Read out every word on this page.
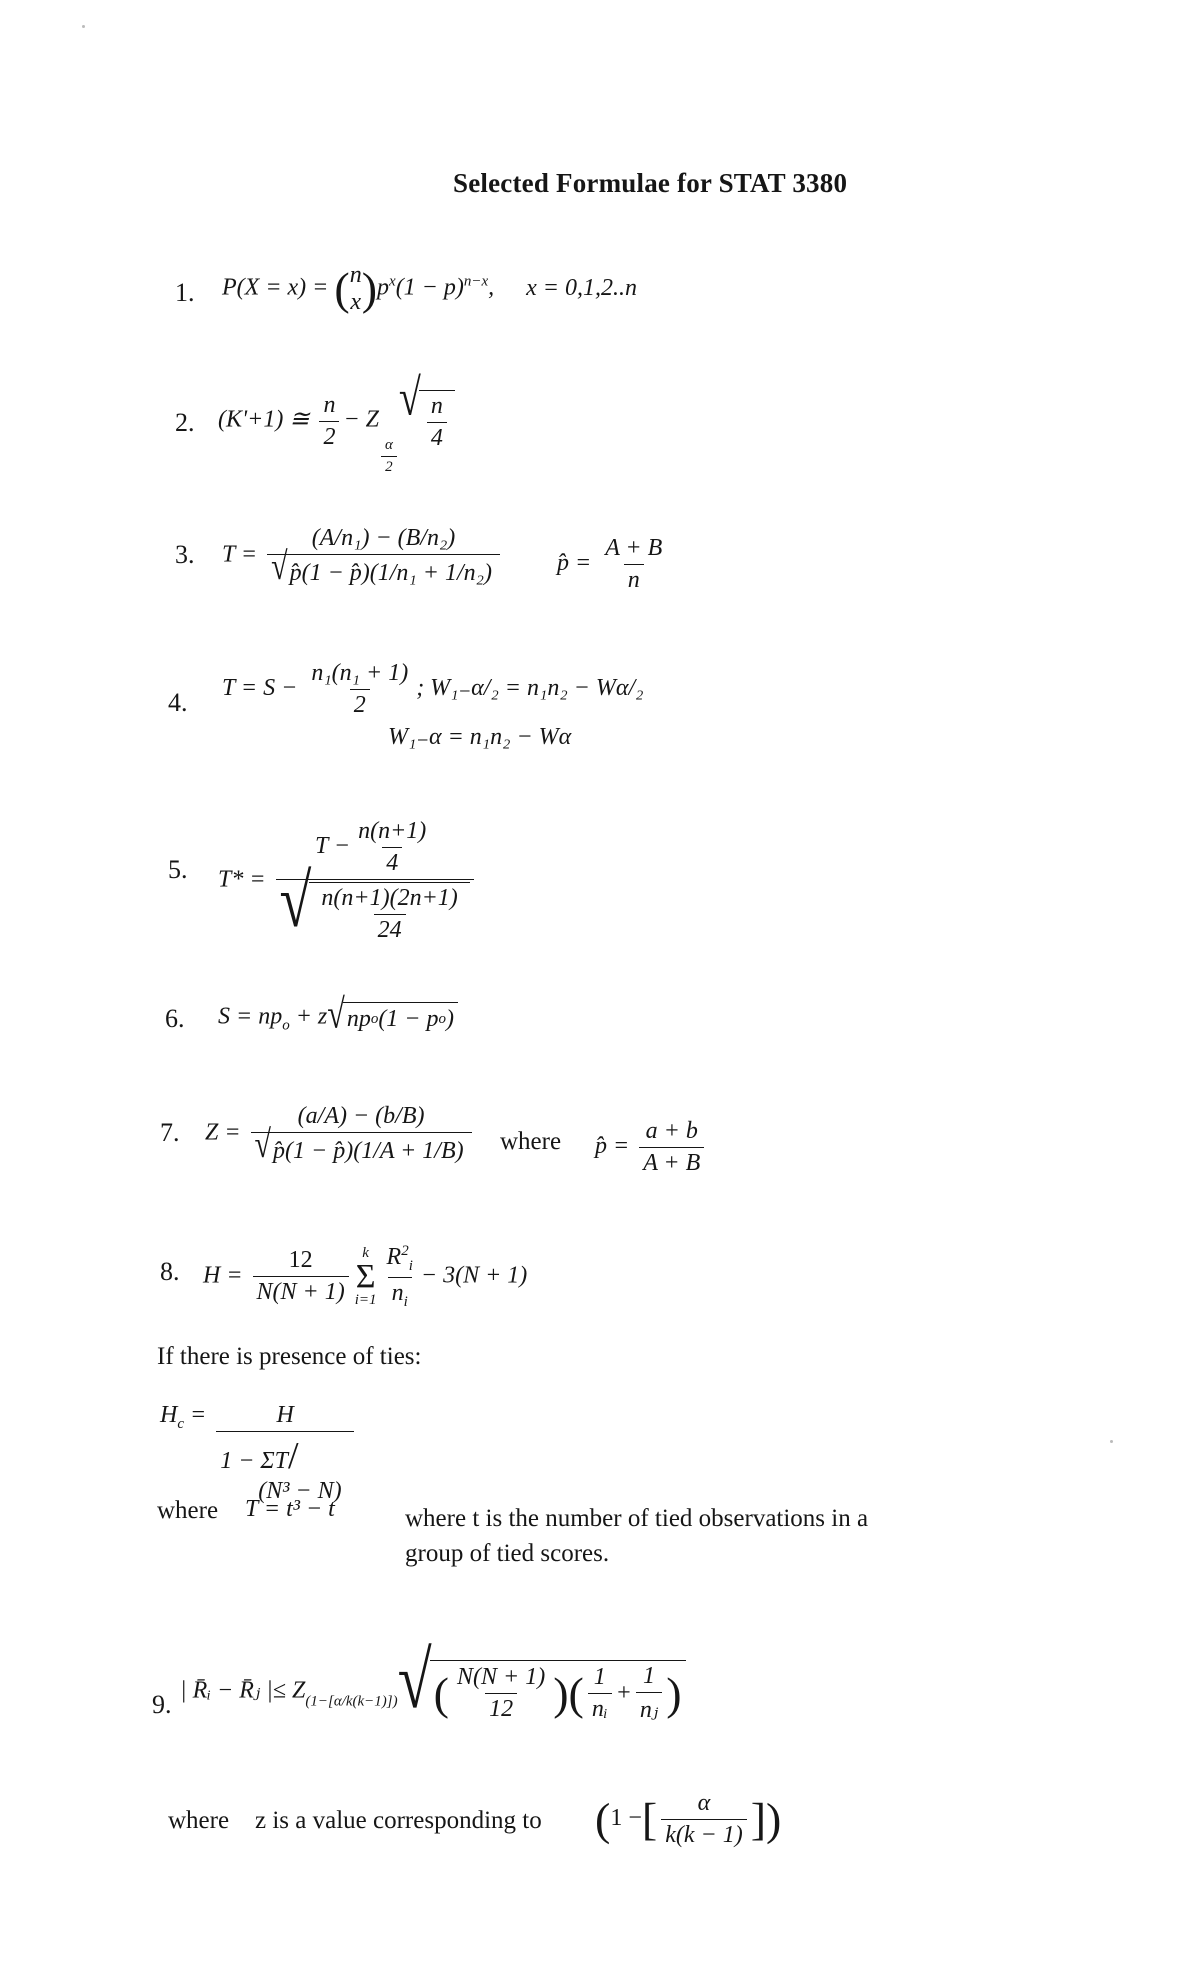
Selected Formulae for STAT 3380
1. P(X = x) = ( n
x )$p^x(1 - p)^{n-x}$, x = 0,1,2..n
2. (K'+1) ≅ $\frac{n}{2} - Z$
$\frac{\alpha}{2}$
√ $\frac{n}{4}$
3. $T = \frac{\text{(A/n₁) − (B/n₂)}}{\text{√ p̂(1 − p̂)(1/n₁ + 1/n₂)}}$ p̂ = $\frac{A + B}{n}$
4. $T = S - \frac{\text{n₁(n₁ + 1)}}{2}$ ; W₁₋α/₂ = n₁n₂ − Wα/₂
W₁₋α = n₁n₂ − Wα
5. $T* = \frac{T - \frac{n(n+1)}{4}}{√ \frac{n(n+1)(2n+1)}{24}}$
6. $S = np_o + z$ √ np o (1 − p o )
7. $Z = \frac{(a/A) - (b/B)}{√ p̂(1 - p̂)(1/A + 1/B)}$ where p̂ = $\frac{a + b}{A + B}$
8. $H = \frac{12}{N(N + 1)}$ k
Σ
$i=1 \frac{R^2_i}{n_i} - 3(N + 1)$
If there is presence of ties:
$H_c$ =	H
1 − ΣT/
(N³ − N)
where T = t³ − t	where t is the number of tied observations in a
group of tied scores.
9. | R̄ᵢ − R̄ⱼ |≤ $Z_{(1-[\alpha/k(k-1)])}$ √ ( $\frac{N(N + 1)}{12}$ )( $\frac{1}{\text{nᵢ}} + \frac{1}{\text{nⱼ}}$ )
where z is a value corresponding to (1 −[ $\frac{\alpha}{k(k - 1)}$ ])
